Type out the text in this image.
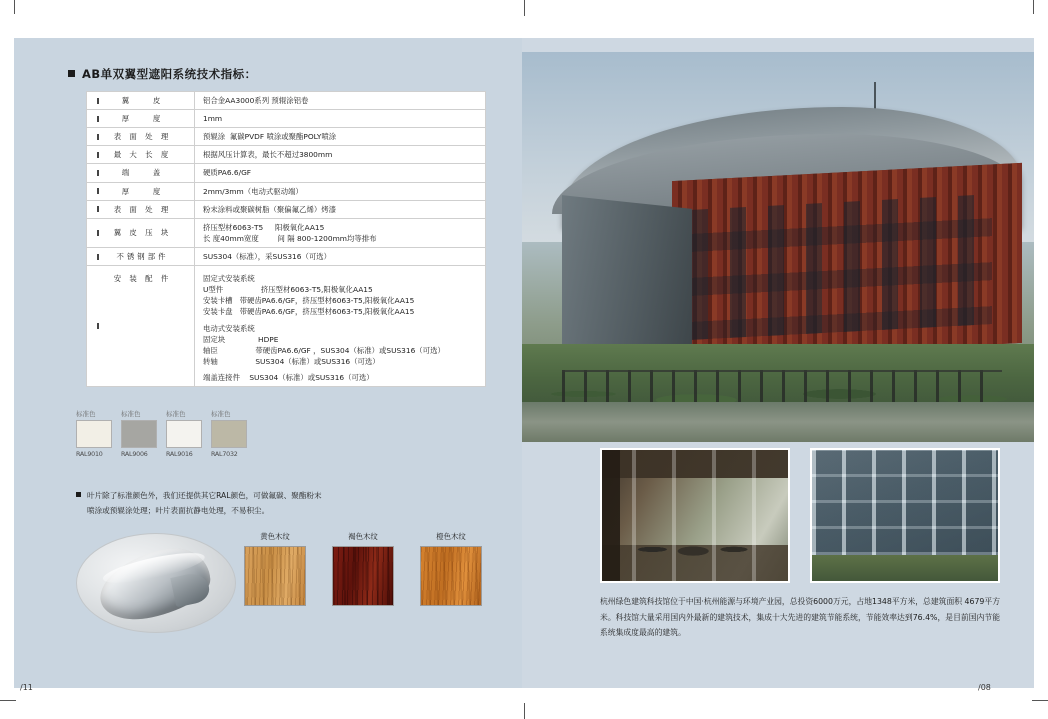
AB单双翼型遮阳系统技术指标：
翼　　皮	铝合金AA3000系列 预辊涂铝卷

厚　　度	1mm

表 面 处 理	预辊涂  氟碳PVDF 喷涂或聚酯POLY喷涂

最 大 长 度	根据风压计算表，最长不超过3800mm

端　　盖	硬质PA6.6/GF

厚　　度	2mm/3mm（电动式驱动端）

表 面 处 理	粉末涂料或聚碳树脂（聚偏氟乙烯）烤漆

翼 皮 压 块	挤压型材6063-T5     阳极氧化AA15
长 度40mm宽度        间 隔 800-1200mm均等排布

不锈钢部件	SUS304（标准），采SUS316（可选）

安 装 配 件	固定式安装系统
U型件                挤压型材6063-T5,阳极氧化AA15
安装卡槽   带硬齿PA6.6/GF，挤压型材6063-T5,阳极氧化AA15
安装卡盘   带硬齿PA6.6/GF，挤压型材6063-T5,阳极氧化AA15
电动式安装系统
固定块              HDPE
轴臣                带硬齿PA6.6/GF ，SUS304（标准）或SUS316（可选）
转轴                SUS304（标准）或SUS316（可选）
端盖连接件    SUS304（标准）或SUS316（可选）
标准色
RAL9010
标准色
RAL9006
标准色
RAL9016
标准色
RAL7032
叶片除了标准颜色外，我们还提供其它RAL颜色，可做氟碳、聚酯粉末
喷涂或预辊涂处理；叶片表面抗静电处理，不易积尘。
黄色木纹	褐色木纹	橙色木纹
杭州绿色建筑科技馆位于中国·杭州能源与环境产业园，总投资6000万元，占地1348平方米，总建筑面积 4679平方米。科技馆大量采用国内外最新的建筑技术，集成十大先进的建筑节能系统，节能效率达到76.4%，是目前国内节能系统集成度最高的建筑。
/11	/08
